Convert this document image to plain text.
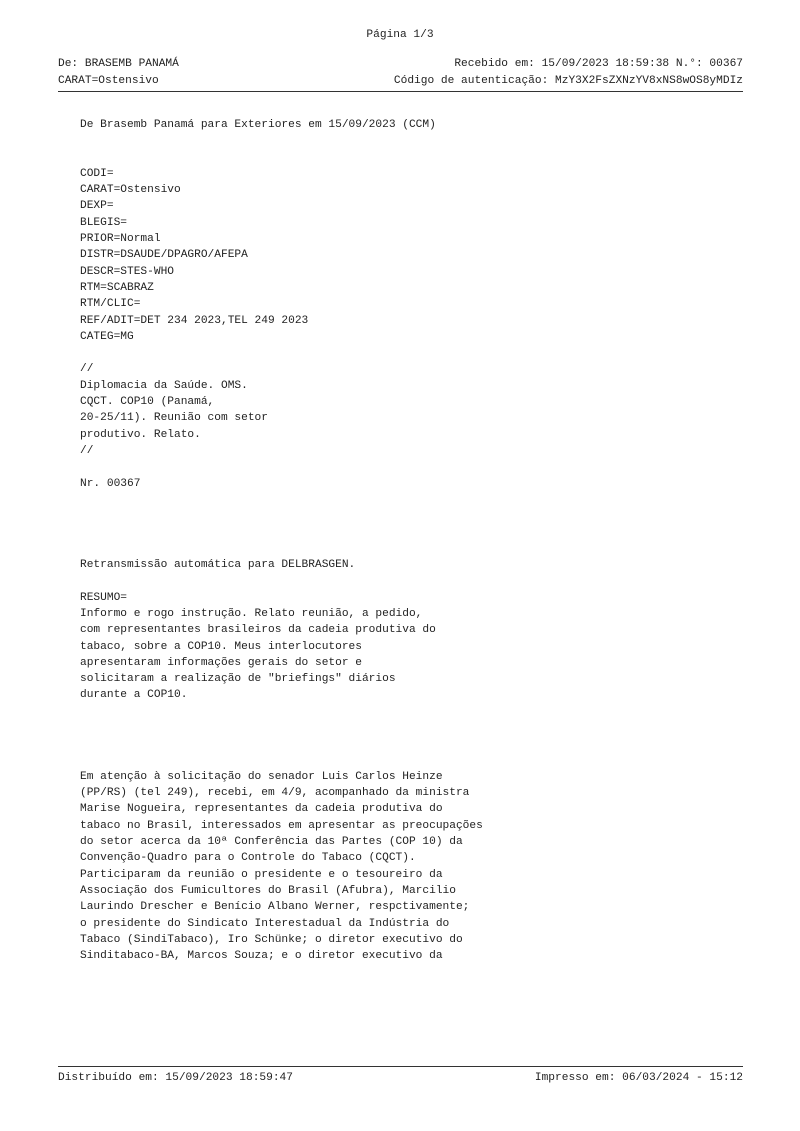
Página 1/3
De: BRASEMB PANAMÁ	Recebido em: 15/09/2023 18:59:38 N.°: 00367
CARAT=Ostensivo	Código de autenticação: MzY3X2FsZXNzYV8xNS8wOS8yMDIz
De Brasemb Panamá para Exteriores em 15/09/2023 (CCM)
CODI=
CARAT=Ostensivo
DEXP=
BLEGIS=
PRIOR=Normal
DISTR=DSAUDE/DPAGRO/AFEPA
DESCR=STES-WHO
RTM=SCABRAZ
RTM/CLIC=
REF/ADIT=DET 234 2023,TEL 249 2023
CATEG=MG
//
Diplomacia da Saúde. OMS.
CQCT. COP10 (Panamá,
20-25/11). Reunião com setor
produtivo. Relato.
//
Nr. 00367
Retransmissão automática para DELBRASGEN.
RESUMO=
Informo e rogo instrução. Relato reunião, a pedido,
com representantes brasileiros da cadeia produtiva do
tabaco, sobre a COP10. Meus interlocutores
apresentaram informações gerais do setor e
solicitaram a realização de "briefings" diários
durante a COP10.
Em atenção à solicitação do senador Luis Carlos Heinze
(PP/RS) (tel 249), recebi, em 4/9, acompanhado da ministra
Marise Nogueira, representantes da cadeia produtiva do
tabaco no Brasil, interessados em apresentar as preocupações
do setor acerca da 10ª Conferência das Partes (COP 10) da
Convenção-Quadro para o Controle do Tabaco (CQCT).
Participaram da reunião o presidente e o tesoureiro da
Associação dos Fumicultores do Brasil (Afubra), Marcilio
Laurindo Drescher e Benício Albano Werner, respctivamente;
o presidente do Sindicato Interestadual da Indústria do
Tabaco (SindiTabaco), Iro Schünke; o diretor executivo do
Sinditabaco-BA, Marcos Souza; e o diretor executivo da
Distribuído em: 15/09/2023 18:59:47	Impresso em: 06/03/2024 - 15:12
